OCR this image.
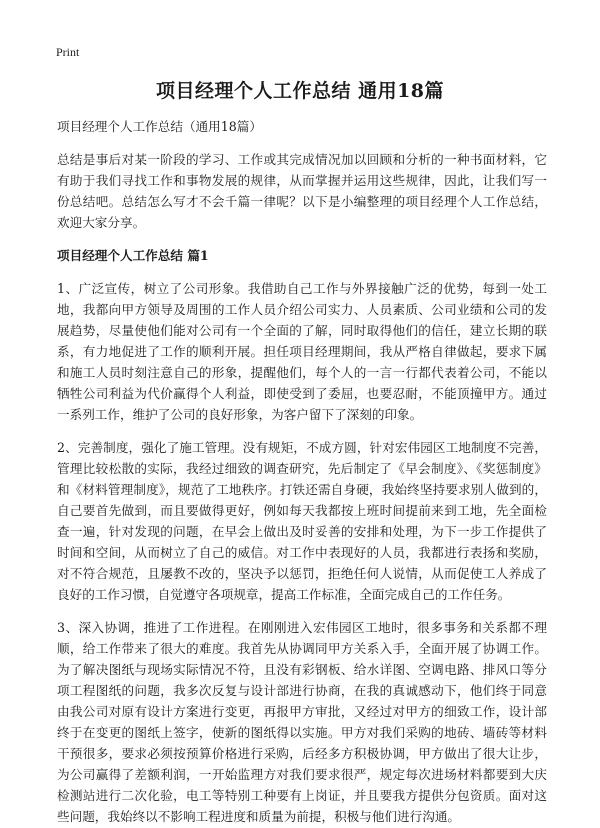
Print
项目经理个人工作总结 通用18篇

项目经理个人工作总结（通用18篇）

总结是事后对某一阶段的学习、工作或其完成情况加以回顾和分析的一种书面材料，它有助于我们寻找工作和事物发展的规律，从而掌握并运用这些规律，因此，让我们写一份总结吧。总结怎么写才不会千篇一律呢？以下是小编整理的项目经理个人工作总结，欢迎大家分享。

项目经理个人工作总结 篇1

1、广泛宣传，树立了公司形象。我借助自己工作与外界接触广泛的优势，每到一处工地，我都向甲方领导及周围的工作人员介绍公司实力、人员素质、公司业绩和公司的发展趋势，尽量使他们能对公司有一个全面的了解，同时取得他们的信任，建立长期的联系，有力地促进了工作的顺利开展。担任项目经理期间，我从严格自律做起，要求下属和施工人员时刻注意自己的形象，提醒他们，每个人的一言一行都代表着公司，不能以牺牲公司利益为代价赢得个人利益，即使受到了委屈，也要忍耐，不能顶撞甲方。通过一系列工作，维护了公司的良好形象，为客户留下了深刻的印象。

2、完善制度，强化了施工管理。没有规矩，不成方圆，针对宏伟园区工地制度不完善，管理比较松散的实际，我经过细致的调查研究，先后制定了《早会制度》、《奖惩制度》和《材料管理制度》，规范了工地秩序。打铁还需自身硬，我始终坚持要求别人做到的，自己要首先做到，而且要做得更好，例如每天我都按上班时间提前来到工地，先全面检查一遍，针对发现的问题，在早会上做出及时妥善的安排和处理，为下一步工作提供了时间和空间，从而树立了自己的威信。对工作中表现好的人员，我都进行表扬和奖励，对不符合规范，且屡教不改的，坚决予以惩罚，拒绝任何人说情，从而促使工人养成了良好的工作习惯，自觉遵守各项规章，提高工作标准，全面完成自己的工作任务。

3、深入协调，推进了工作进程。在刚刚进入宏伟园区工地时，很多事务和关系都不理顺，给工作带来了很大的难度。我首先从协调同甲方关系入手，全面开展了协调工作。为了解决图纸与现场实际情况不符，且没有彩钢板、给水详图、空调电路、排风口等分项工程图纸的问题，我多次反复与设计部进行协商，在我的真诚感动下，他们终于同意由我公司对原有设计方案进行变更，再报甲方审批，又经过对甲方的细致工作，设计部终于在变更的图纸上签字，使新的图纸得以实施。甲方对我们采购的地砖、墙砖等材料干预很多，要求必须按预算价格进行采购，后经多方积极协调，甲方做出了很大让步，为公司赢得了差额利润，一开始监理方对我们要求很严，规定每次进场材料都要到大庆检测站进行二次化验，电工等特别工种要有上岗证，并且要我方提供分包资质。面对这些问题，我始终以不影响工程进度和质量为前提，积极与他们进行沟通。
